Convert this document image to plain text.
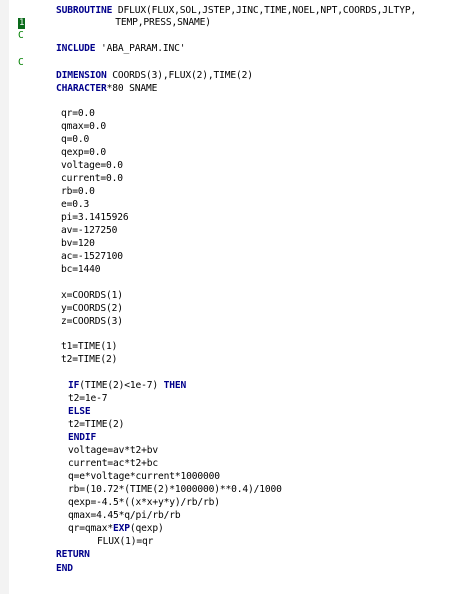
SUBROUTINE DFLUX(FLUX,SOL,JSTEP,JINC,TIME,NOEL,NPT,COORDS,JLTYP,
1                TEMP,PRESS,SNAME)
C
INCLUDE 'ABA_PARAM.INC'
C
DIMENSION COORDS(3),FLUX(2),TIME(2)
CHARACTER*80 SNAME
qr=0.0
qmax=0.0
q=0.0
qexp=0.0
voltage=0.0
current=0.0
rb=0.0
e=0.3
pi=3.1415926
av=-127250
bv=120
ac=-1527100
bc=1440
x=COORDS(1)
y=COORDS(2)
z=COORDS(3)
t1=TIME(1)
t2=TIME(2)
IF(TIME(2)<1e-7) THEN
t2=1e-7
ELSE
t2=TIME(2)
ENDIF
voltage=av*t2+bv
current=ac*t2+bc
q=e*voltage*current*1000000
rb=(10.72*(TIME(2)*1000000)**0.4)/1000
qexp=-4.5*((x*x+y*y)/rb/rb)
qmax=4.45*q/pi/rb/rb
qr=qmax*EXP(qexp)
FLUX(1)=qr
RETURN
END
